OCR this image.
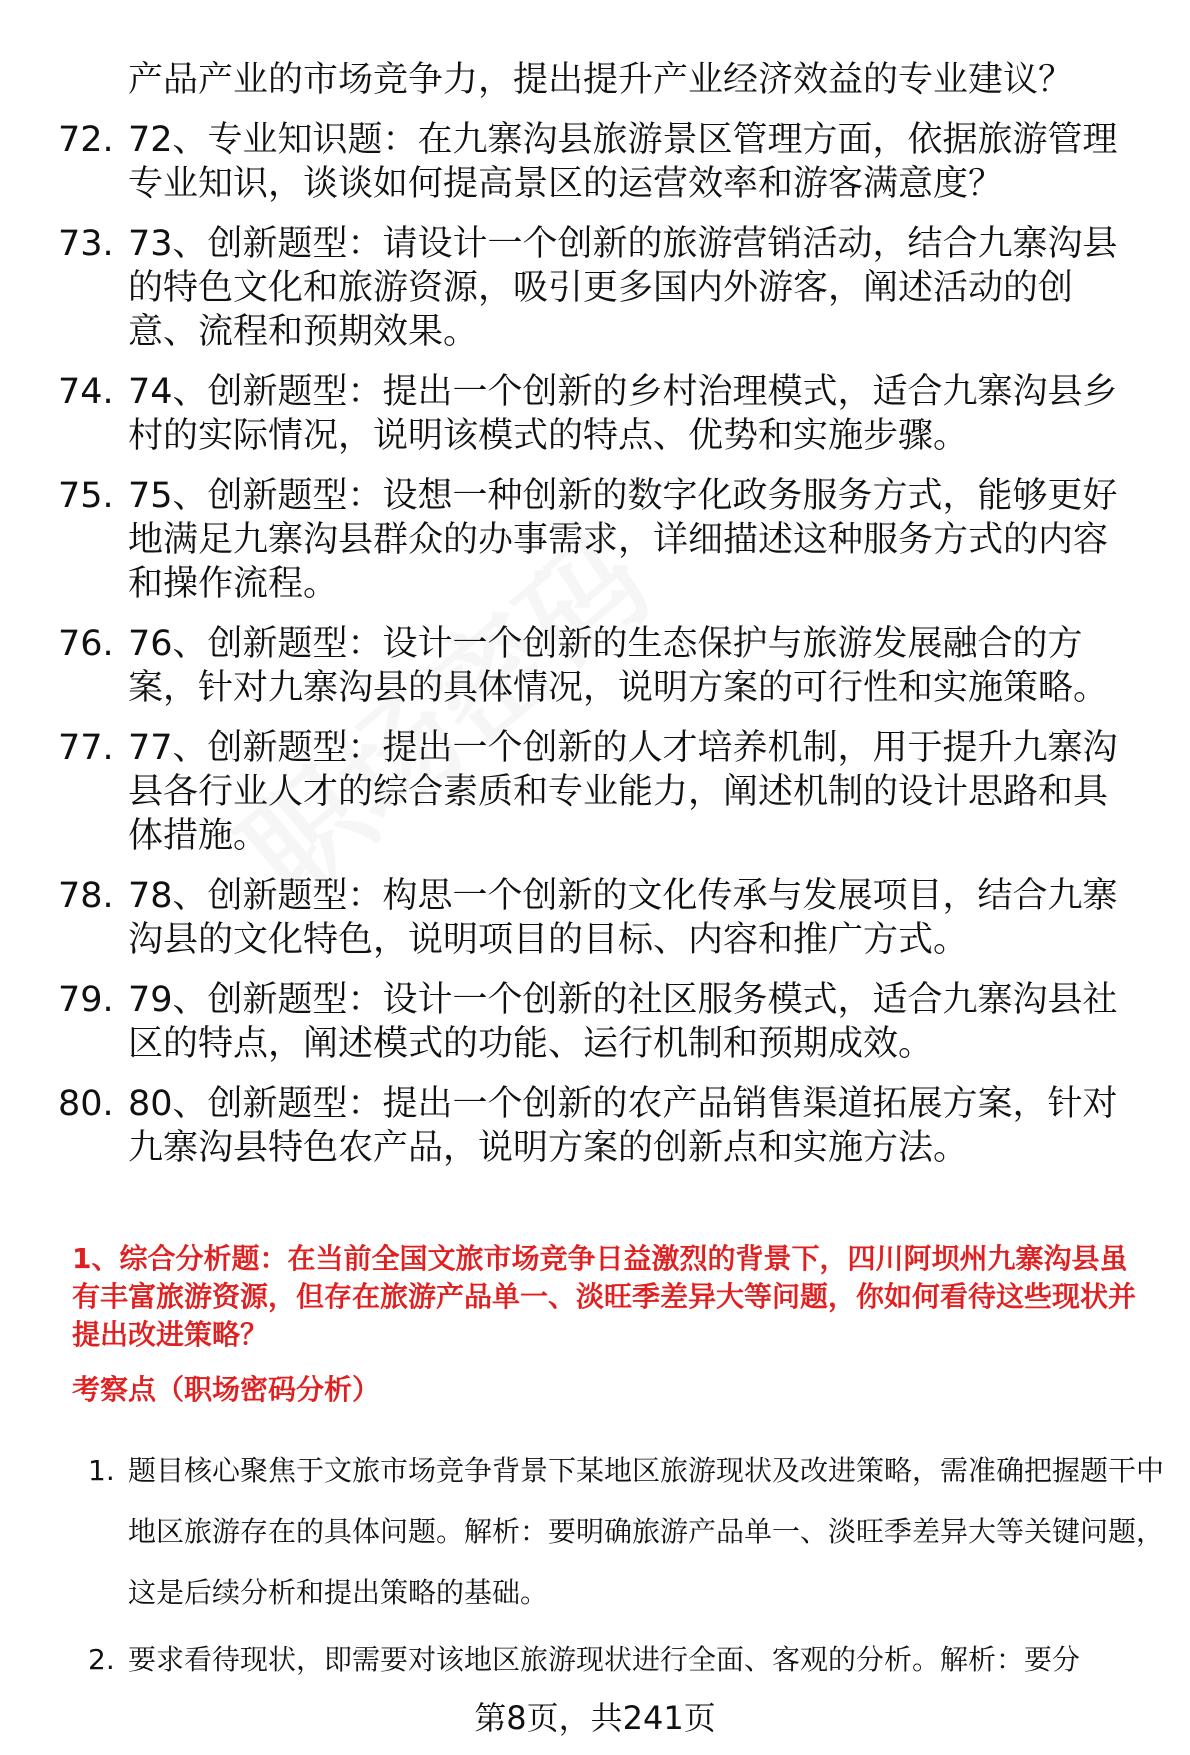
产品产业的市场竞争力，提出提升产业经济效益的专业建议？

72. 72、专业知识题：在九寨沟县旅游景区管理方面，依据旅游管理专业知识，谈谈如何提高景区的运营效率和游客满意度？
73. 73、创新题型：请设计一个创新的旅游营销活动，结合九寨沟县的特色文化和旅游资源，吸引更多国内外游客，阐述活动的创意、流程和预期效果。
74. 74、创新题型：提出一个创新的乡村治理模式，适合九寨沟县乡村的实际情况，说明该模式的特点、优势和实施步骤。
75. 75、创新题型：设想一种创新的数字化政务服务方式，能够更好地满足九寨沟县群众的办事需求，详细描述这种服务方式的内容和操作流程。
76. 76、创新题型：设计一个创新的生态保护与旅游发展融合的方案，针对九寨沟县的具体情况，说明方案的可行性和实施策略。
77. 77、创新题型：提出一个创新的人才培养机制，用于提升九寨沟县各行业人才的综合素质和专业能力，阐述机制的设计思路和具体措施。
78. 78、创新题型：构思一个创新的文化传承与发展项目，结合九寨沟县的文化特色，说明项目的目标、内容和推广方式。
79. 79、创新题型：设计一个创新的社区服务模式，适合九寨沟县社区的特点，阐述模式的功能、运行机制和预期成效。
80. 80、创新题型：提出一个创新的农产品销售渠道拓展方案，针对九寨沟县特色农产品，说明方案的创新点和实施方法。
1、综合分析题：在当前全国文旅市场竞争日益激烈的背景下，四川阿坝州九寨沟县虽有丰富旅游资源，但存在旅游产品单一、淡旺季差异大等问题，你如何看待这些现状并提出改进策略？
考察点（职场密码分析）
1. 题目核心聚焦于文旅市场竞争背景下某地区旅游现状及改进策略，需准确把握题干中地区旅游存在的具体问题。解析：要明确旅游产品单一、淡旺季差异大等关键问题，这是后续分析和提出策略的基础。
2. 要求看待现状，即需要对该地区旅游现状进行全面、客观的分析。解析：要分
第8页，共241页
